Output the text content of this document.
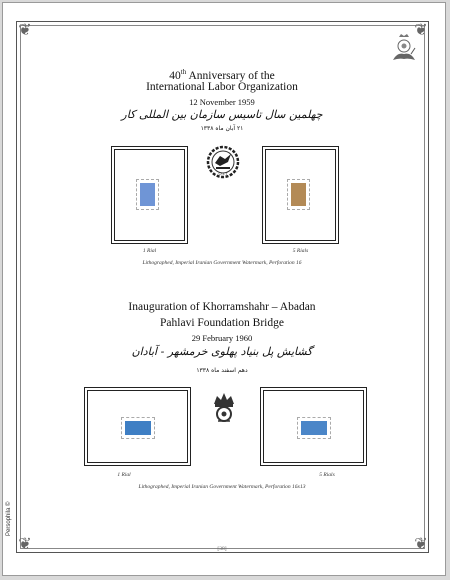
❦	❦
❦	❦
40th Anniversary of the
International Labor Organization
12 November 1959
چهلمین سال تاسیس سازمان بین المللی کار
۲۱ آبان ماه ۱۳۳۸
O.I.T
1 Rial	5 Rials
Lithographed, Imperial Iranian Government Watermark, Perforation 16
Inauguration of Khorramshahr – Abadan
Pahlavi Foundation Bridge
29 February 1960
گشایش پل بنیاد پهلوی خرمشهر - آبادان
دهم اسفند ماه ۱۳۳۸
1 Rial	5 Rials
Lithographed, Imperial Iranian Government Watermark, Perforation 16x13
Persophila ©
[38]
